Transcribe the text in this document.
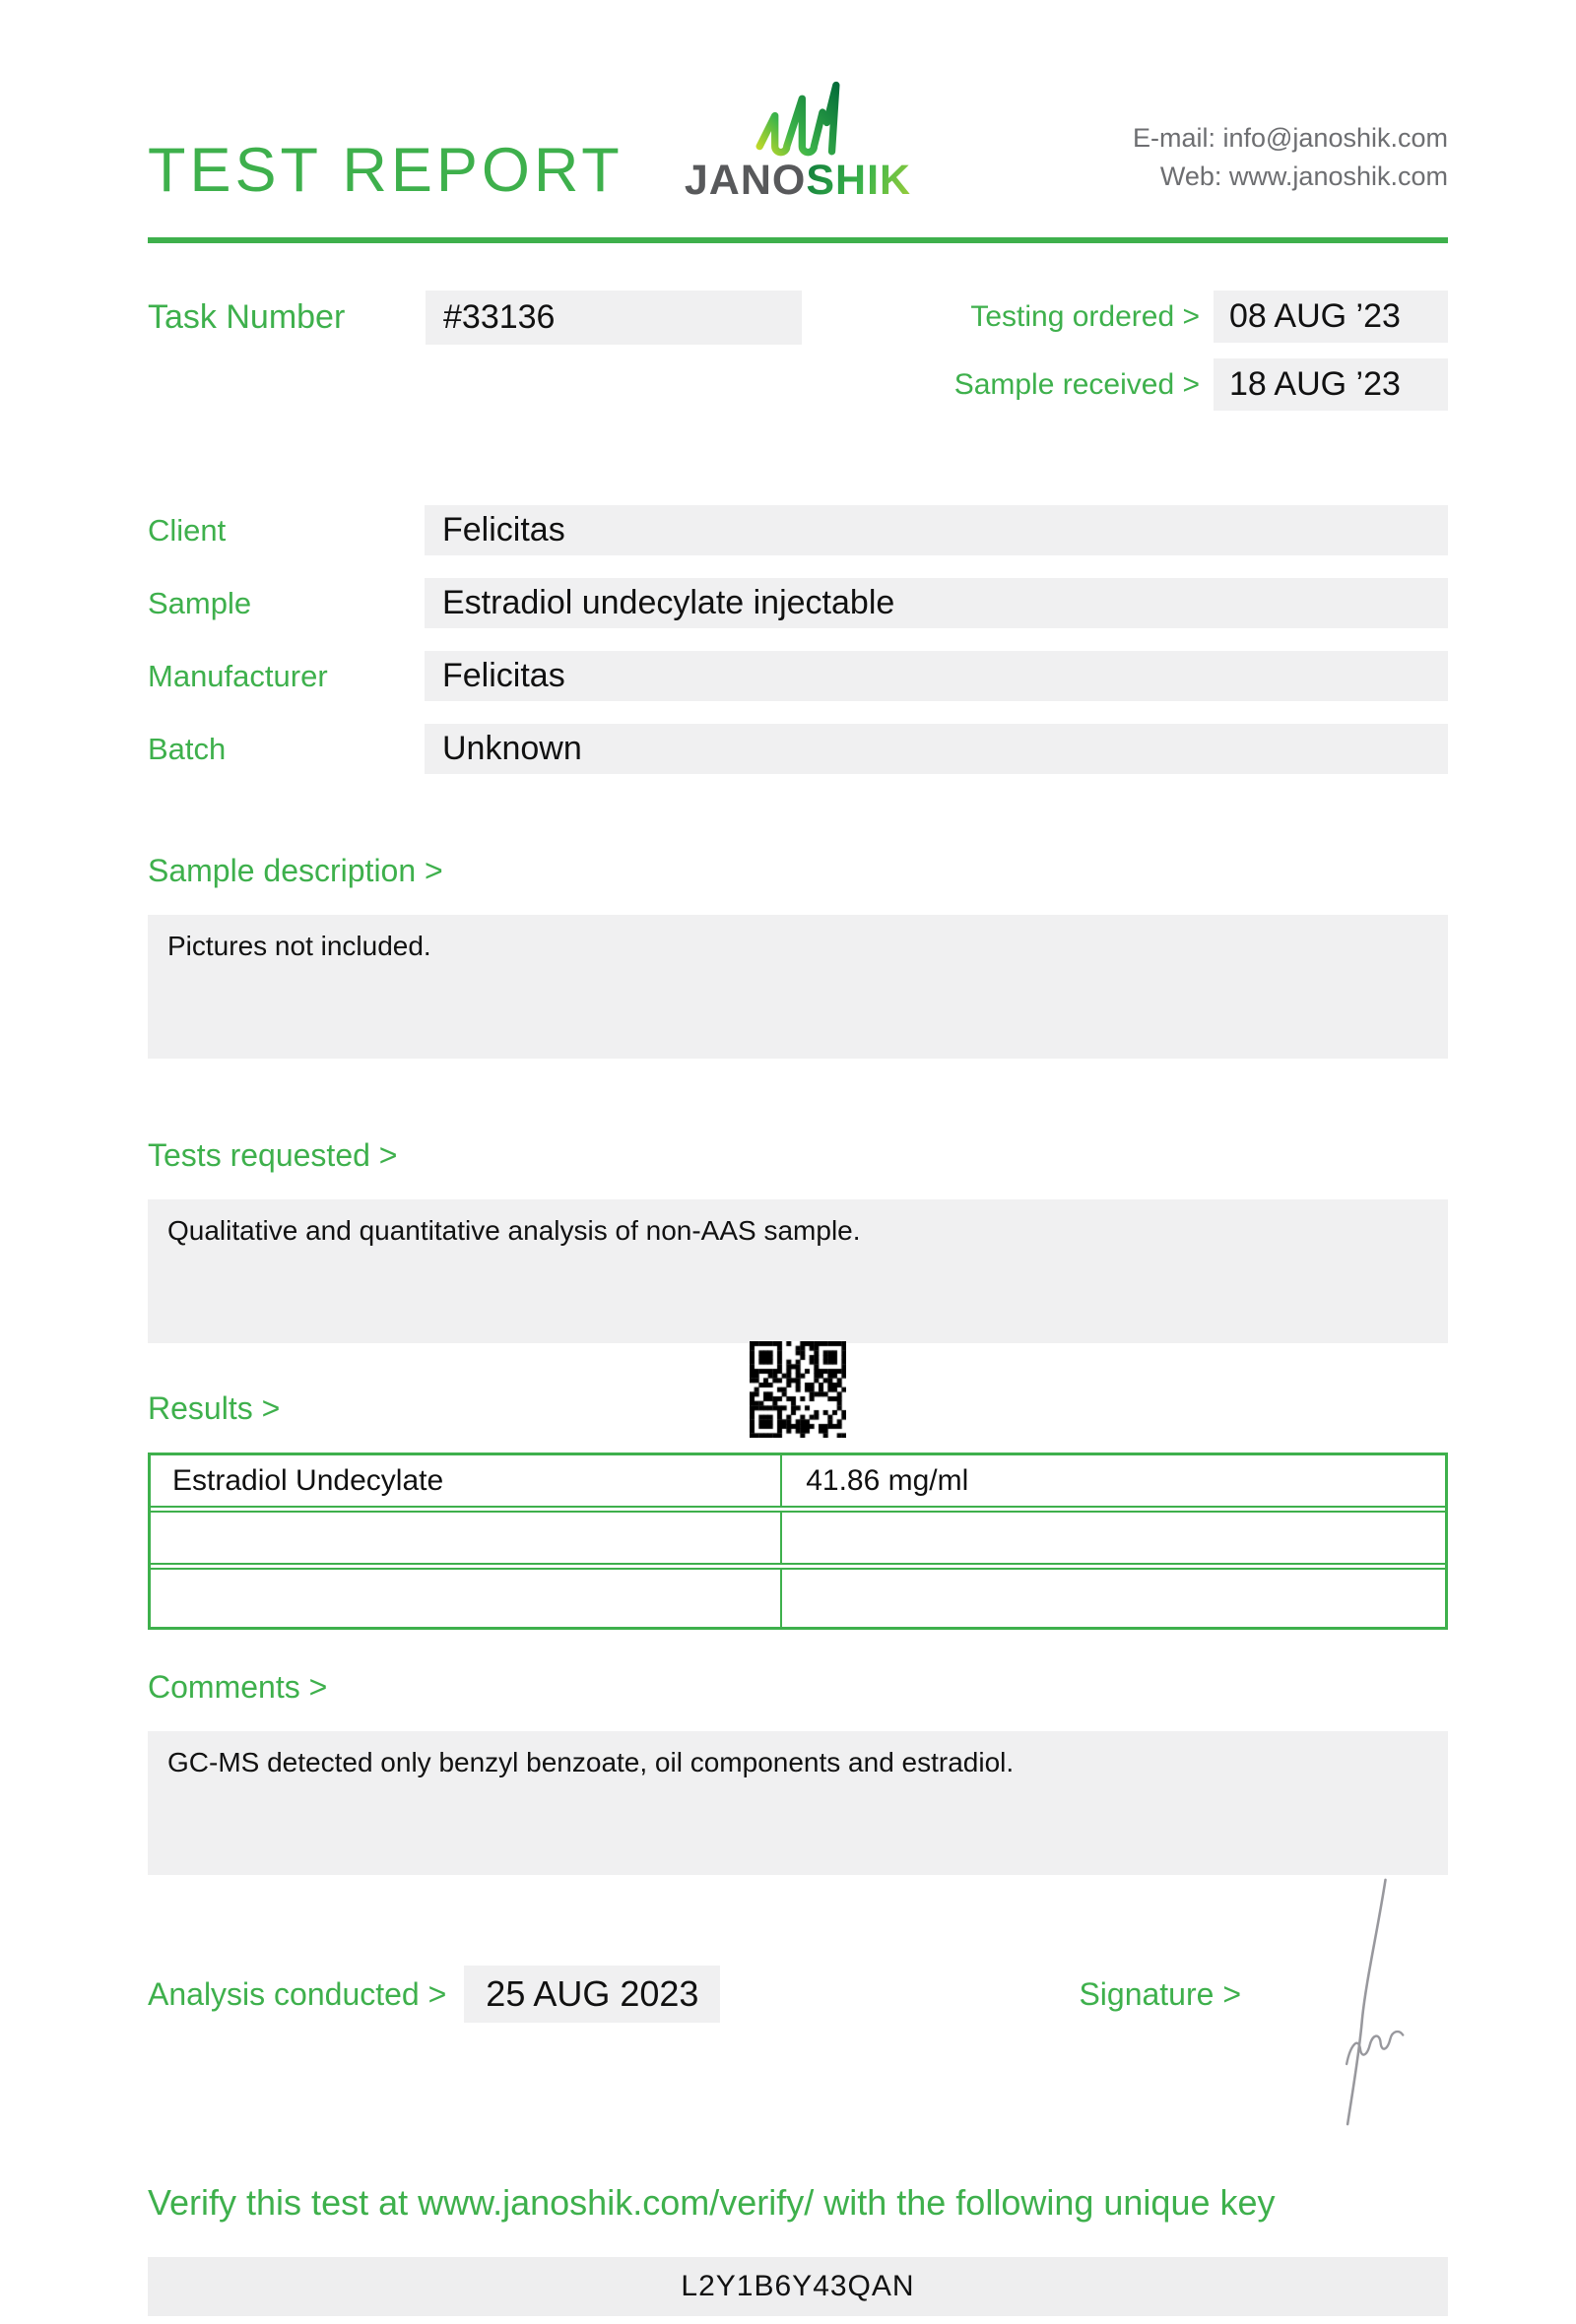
TEST REPORT	JANOSHIK
E-mail: info@janoshik.com
Web: www.janoshik.com
Task Number	#33136	Testing ordered > 08 AUG ’23
Sample received > 18 AUG ’23
Client	Felicitas
Sample	Estradiol undecylate injectable
Manufacturer	Felicitas
Batch	Unknown
Sample description >
Pictures not included.
Tests requested >
Qualitative and quantitative analysis of non-AAS sample.
Results >
Estradiol Undecylate	41.86 mg/ml
Comments >
GC-MS detected only benzyl benzoate, oil components and estradiol.
Analysis conducted >	25 AUG 2023	Signature >
Verify this test at www.janoshik.com/verify/ with the following unique key
L2Y1B6Y43QAN
